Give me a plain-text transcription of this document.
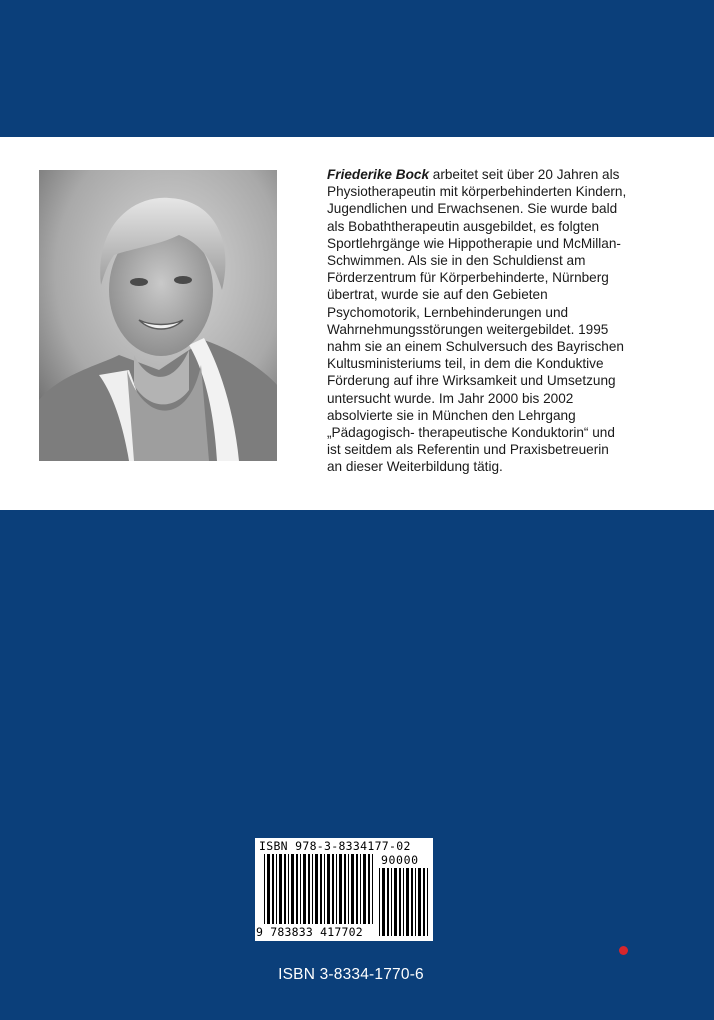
Friederike Bock arbeitet seit über 20 Jahren als Physiotherapeutin mit körperbehinderten Kindern, Jugendlichen und Erwachsenen. Sie wurde bald als Bobaththerapeutin ausgebildet, es folgten Sportlehrgänge wie Hippotherapie und McMillan-Schwimmen. Als sie in den Schuldienst am Förderzentrum für Körperbehinderte, Nürnberg übertrat, wurde sie auf den Gebieten Psychomotorik, Lernbehinderungen und Wahrnehmungsstörungen weitergebildet. 1995 nahm sie an einem Schulversuch des Bayrischen Kultusministeriums teil, in dem die Konduktive Förderung auf ihre Wirksamkeit und Umsetzung untersucht wurde. Im Jahr 2000 bis 2002 absolvierte sie in München den Lehrgang „Pädagogisch- therapeutische Konduktorin“ und ist seitdem als Referentin und Praxisbetreuerin an dieser Weiterbildung tätig.

ISBN 978-3-8334177-02
90000
9 783833 417702
ISBN 3-8334-1770-6
